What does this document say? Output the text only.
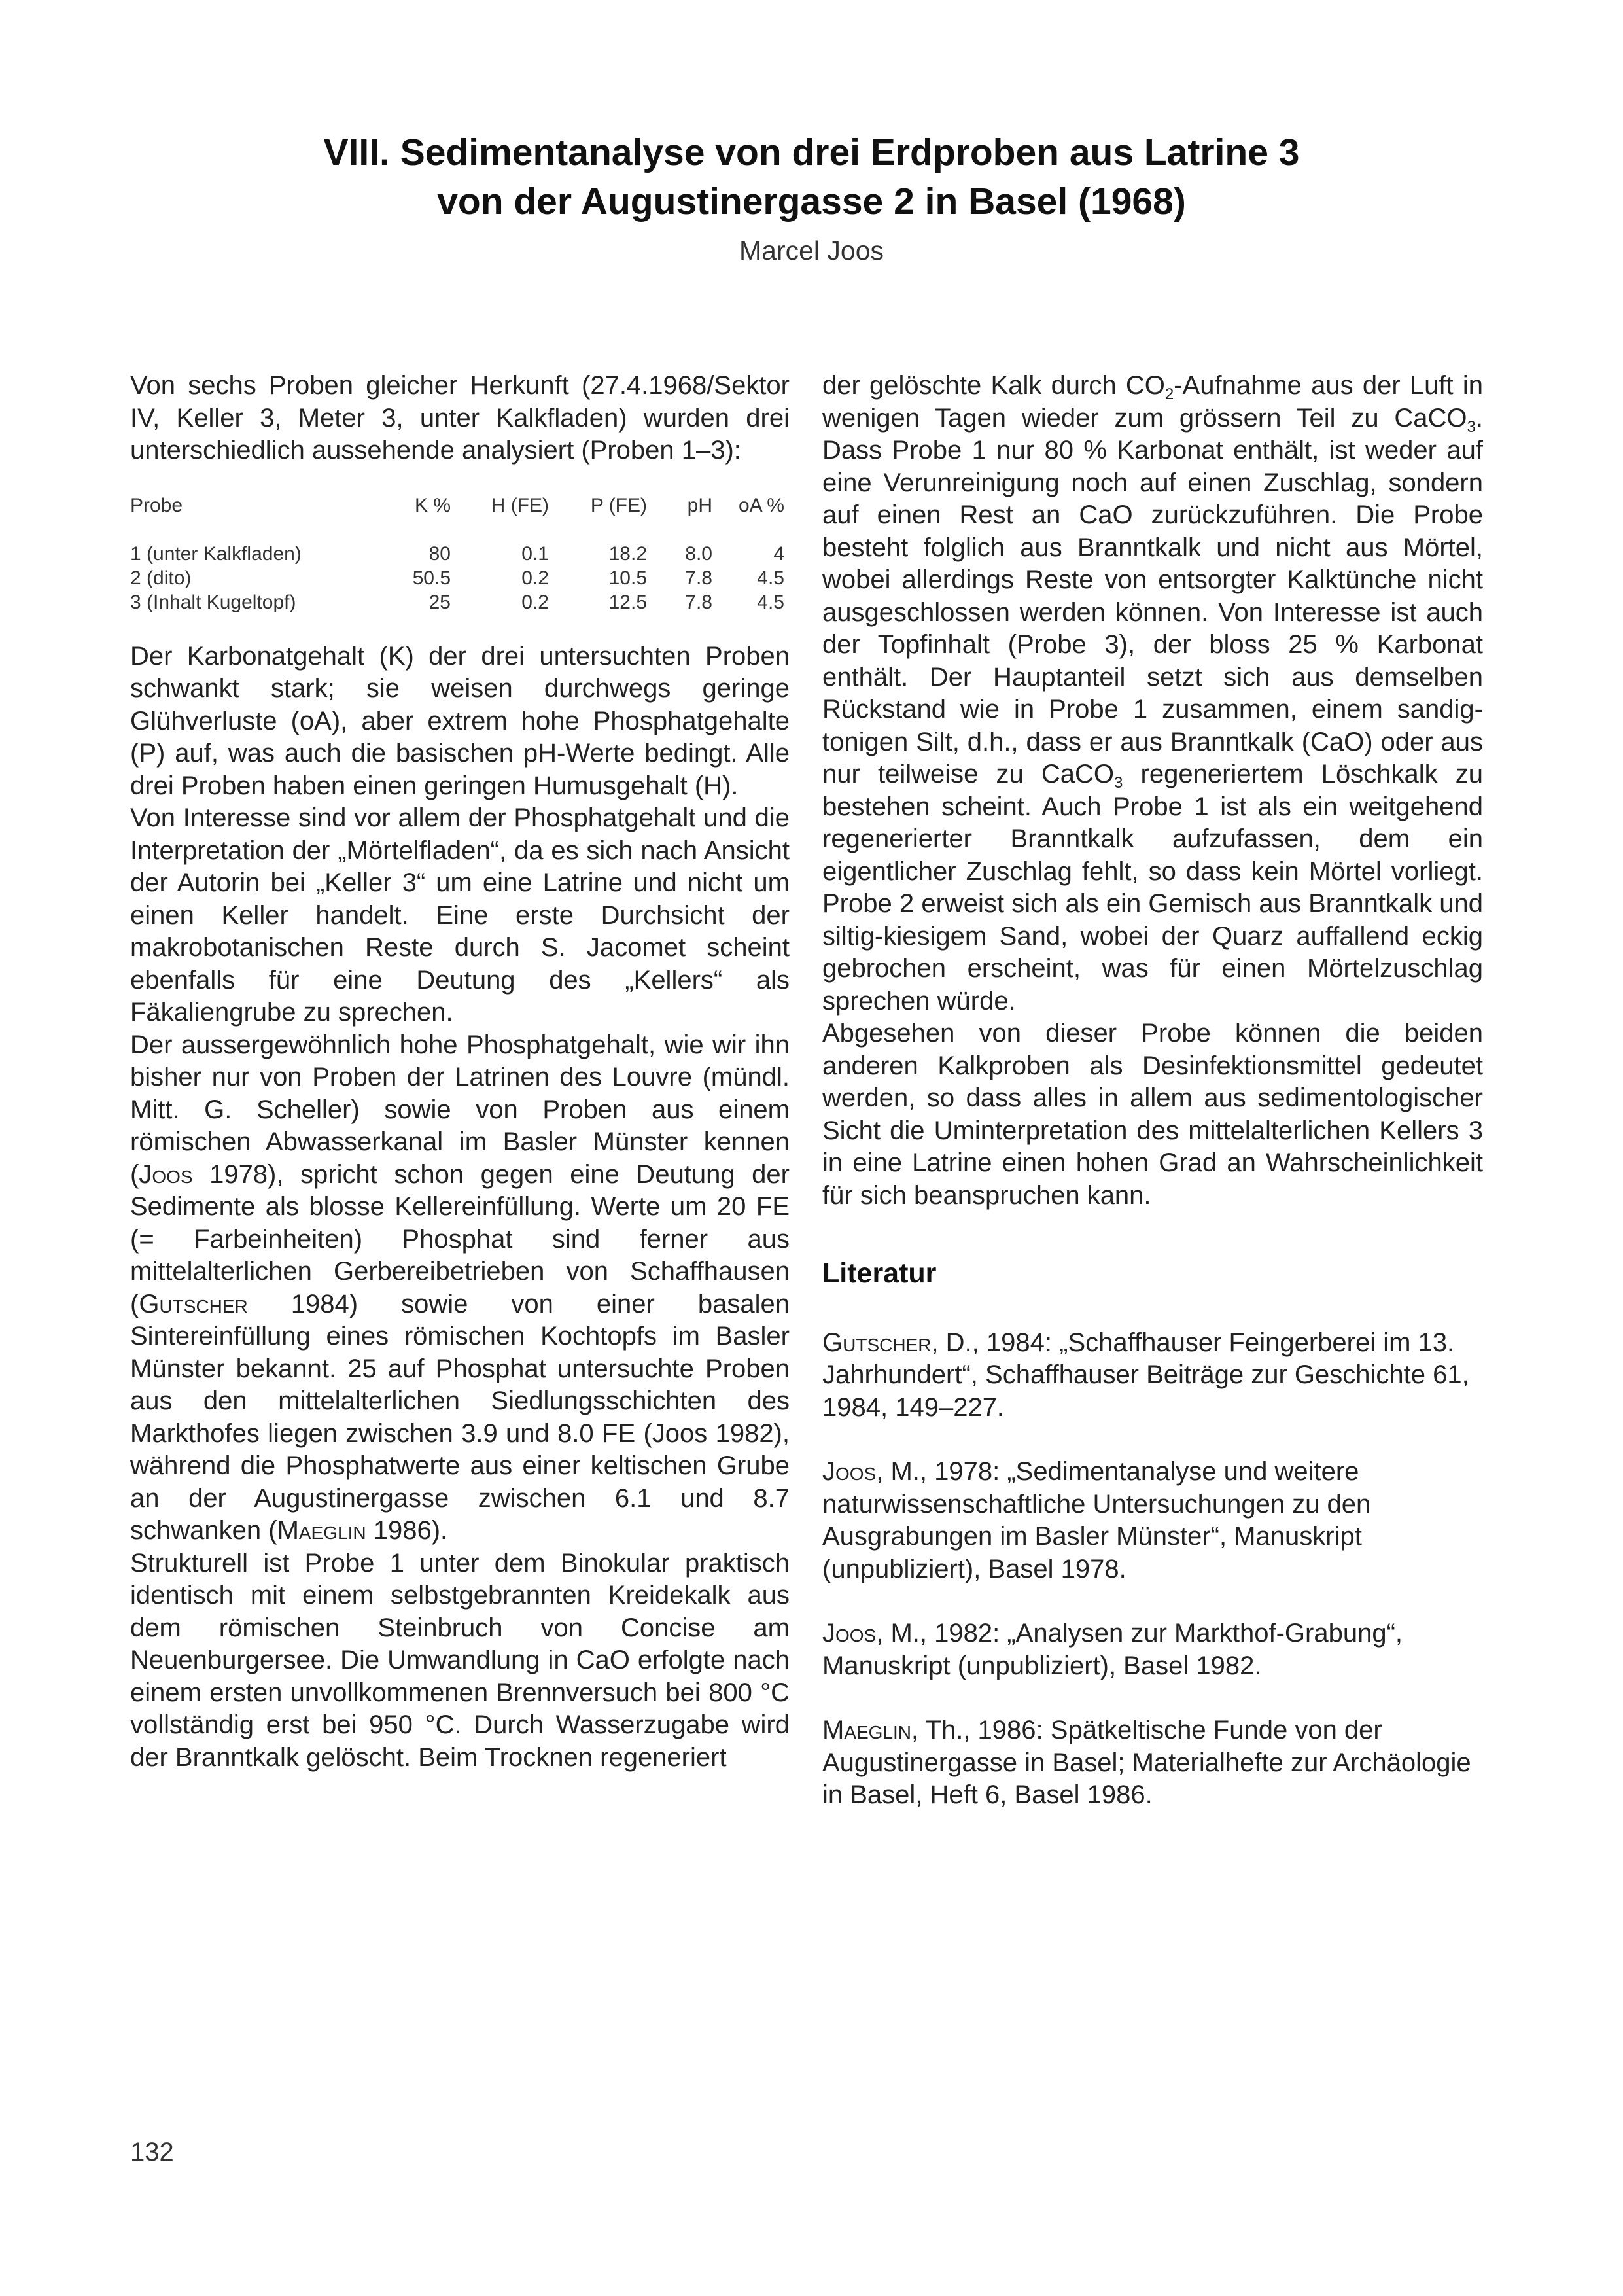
VIII. Sedimentanalyse von drei Erdproben aus Latrine 3
von der Augustinergasse 2 in Basel (1968)
Marcel Joos

Von sechs Proben gleicher Herkunft (27.4.1968/Sektor IV, Keller 3, Meter 3, unter Kalkfladen) wurden drei unterschiedlich aussehende analysiert (Proben 1–3):

Probe	K %	H (FE)	P (FE)	pH	oA %
1 (unter Kalkfladen)	80	0.1	18.2	8.0	4
2 (dito)	50.5	0.2	10.5	7.8	4.5
3 (Inhalt Kugeltopf)	25	0.2	12.5	7.8	4.5

Der Karbonatgehalt (K) der drei untersuchten Proben schwankt stark; sie weisen durchwegs geringe Glühverluste (oA), aber extrem hohe Phosphatgehalte (P) auf, was auch die basischen pH-Werte bedingt. Alle drei Proben haben einen geringen Humusgehalt (H).

Von Interesse sind vor allem der Phosphatgehalt und die Interpretation der „Mörtelfladen“, da es sich nach Ansicht der Autorin bei „Keller 3“ um eine Latrine und nicht um einen Keller handelt. Eine erste Durchsicht der makrobotanischen Reste durch S. Jacomet scheint ebenfalls für eine Deutung des „Kellers“ als Fäkaliengrube zu sprechen.

Der aussergewöhnlich hohe Phosphatgehalt, wie wir ihn bisher nur von Proben der Latrinen des Louvre (mündl. Mitt. G. Scheller) sowie von Proben aus einem römischen Abwasserkanal im Basler Münster kennen (Joos 1978), spricht schon gegen eine Deutung der Sedimente als blosse Kellereinfüllung. Werte um 20 FE (= Farbeinheiten) Phosphat sind ferner aus mittelalterlichen Gerbereibetrieben von Schaffhausen (Gutscher 1984) sowie von einer basalen Sintereinfüllung eines römischen Kochtopfs im Basler Münster bekannt. 25 auf Phosphat untersuchte Proben aus den mittelalterlichen Siedlungsschichten des Markthofes liegen zwischen 3.9 und 8.0 FE (Joos 1982), während die Phosphatwerte aus einer keltischen Grube an der Augustinergasse zwischen 6.1 und 8.7 schwanken (Maeglin 1986).

Strukturell ist Probe 1 unter dem Binokular praktisch identisch mit einem selbstgebrannten Kreidekalk aus dem römischen Steinbruch von Concise am Neuenburgersee. Die Umwandlung in CaO erfolgte nach einem ersten unvollkommenen Brennversuch bei 800 °C vollständig erst bei 950 °C. Durch Wasserzugabe wird der Branntkalk gelöscht. Beim Trocknen regeneriert

der gelöschte Kalk durch $CO_2$-Aufnahme aus der Luft in wenigen Tagen wieder zum grössern Teil zu CaCO$_3$. Dass Probe 1 nur 80 % Karbonat enthält, ist weder auf eine Verunreinigung noch auf einen Zuschlag, sondern auf einen Rest an CaO zurückzuführen. Die Probe besteht folglich aus Branntkalk und nicht aus Mörtel, wobei allerdings Reste von entsorgter Kalktünche nicht ausgeschlossen werden können. Von Interesse ist auch der Topfinhalt (Probe 3), der bloss 25 % Karbonat enthält. Der Hauptanteil setzt sich aus demselben Rückstand wie in Probe 1 zusammen, einem sandig-tonigen Silt, d.h., dass er aus Branntkalk (CaO) oder aus nur teilweise zu CaCO$_3$ regeneriertem Löschkalk zu bestehen scheint. Auch Probe 1 ist als ein weitgehend regenerierter Branntkalk aufzufassen, dem ein eigentlicher Zuschlag fehlt, so dass kein Mörtel vorliegt. Probe 2 erweist sich als ein Gemisch aus Branntkalk und siltig-kiesigem Sand, wobei der Quarz auffallend eckig gebrochen erscheint, was für einen Mörtelzuschlag sprechen würde.

Abgesehen von dieser Probe können die beiden anderen Kalkproben als Desinfektionsmittel gedeutet werden, so dass alles in allem aus sedimentologischer Sicht die Uminterpretation des mittelalterlichen Kellers 3 in eine Latrine einen hohen Grad an Wahrscheinlichkeit für sich beanspruchen kann.

Literatur

Gutscher, D., 1984: „Schaffhauser Feingerberei im 13. Jahrhundert“, Schaffhauser Beiträge zur Geschichte 61, 1984, 149–227.

Joos, M., 1978: „Sedimentanalyse und weitere naturwissenschaftliche Untersuchungen zu den Ausgrabungen im Basler Münster“, Manuskript (unpubliziert), Basel 1978.

Joos, M., 1982: „Analysen zur Markthof-Grabung“, Manuskript (unpubliziert), Basel 1982.

Maeglin, Th., 1986: Spätkeltische Funde von der Augustinergasse in Basel; Materialhefte zur Archäologie in Basel, Heft 6, Basel 1986.

132
